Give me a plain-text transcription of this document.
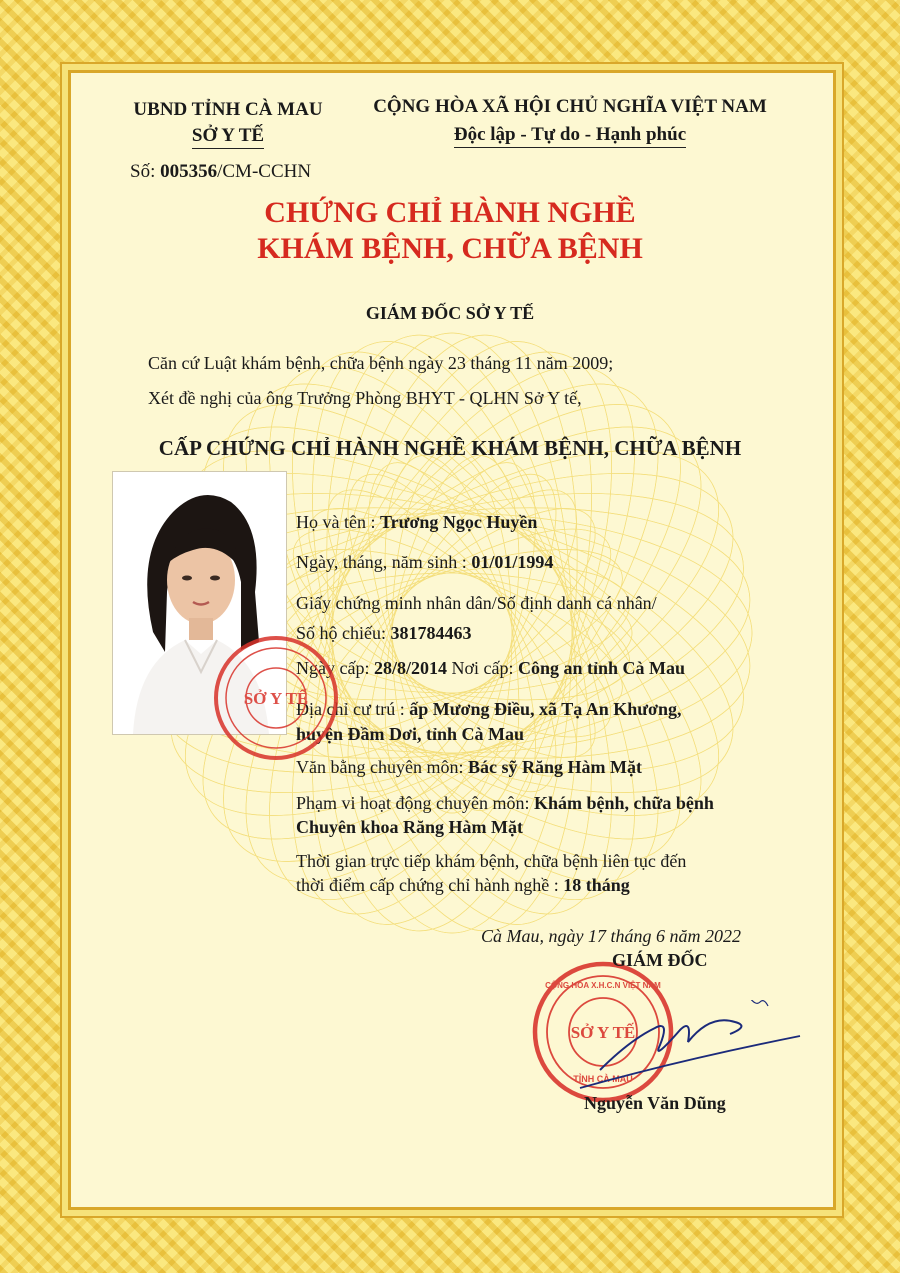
UBND TỈNH CÀ MAU
SỞ Y TẾ
CỘNG HÒA XÃ HỘI CHỦ NGHĨA VIỆT NAM
Độc lập - Tự do - Hạnh phúc
Số: 005356/CM-CCHN
CHỨNG CHỈ HÀNH NGHỀ
KHÁM BỆNH, CHỮA BỆNH
GIÁM ĐỐC SỞ Y TẾ
Căn cứ Luật khám bệnh, chữa bệnh ngày 23 tháng 11 năm 2009;
Xét đề nghị của ông Trưởng Phòng BHYT - QLHN Sở Y tế,
CẤP CHỨNG CHỈ HÀNH NGHỀ KHÁM BỆNH, CHỮA BỆNH
Họ và tên : Trương Ngọc Huyền
Ngày, tháng, năm sinh : 01/01/1994
Giấy chứng minh nhân dân/Số định danh cá nhân/
Số hộ chiếu: 381784463
Ngày cấp: 28/8/2014 Nơi cấp: Công an tỉnh Cà Mau
Địa chỉ cư trú : ấp Mương Điều, xã Tạ An Khương,
huyện Đầm Dơi, tỉnh Cà Mau
Văn bằng chuyên môn: Bác sỹ Răng Hàm Mặt
Phạm vi hoạt động chuyên môn: Khám bệnh, chữa bệnh
Chuyên khoa Răng Hàm Mặt
Thời gian trực tiếp khám bệnh, chữa bệnh liên tục đến
thời điểm cấp chứng chỉ hành nghề : 18 tháng
SỞ Y TẾ
SỞ Y TẾ
CỘNG HÒA X.H.C.N VIỆT NAM
TỈNH CÀ MAU
Cà Mau, ngày 17 tháng 6 năm 2022
GIÁM ĐỐC
Nguyễn Văn Dũng
